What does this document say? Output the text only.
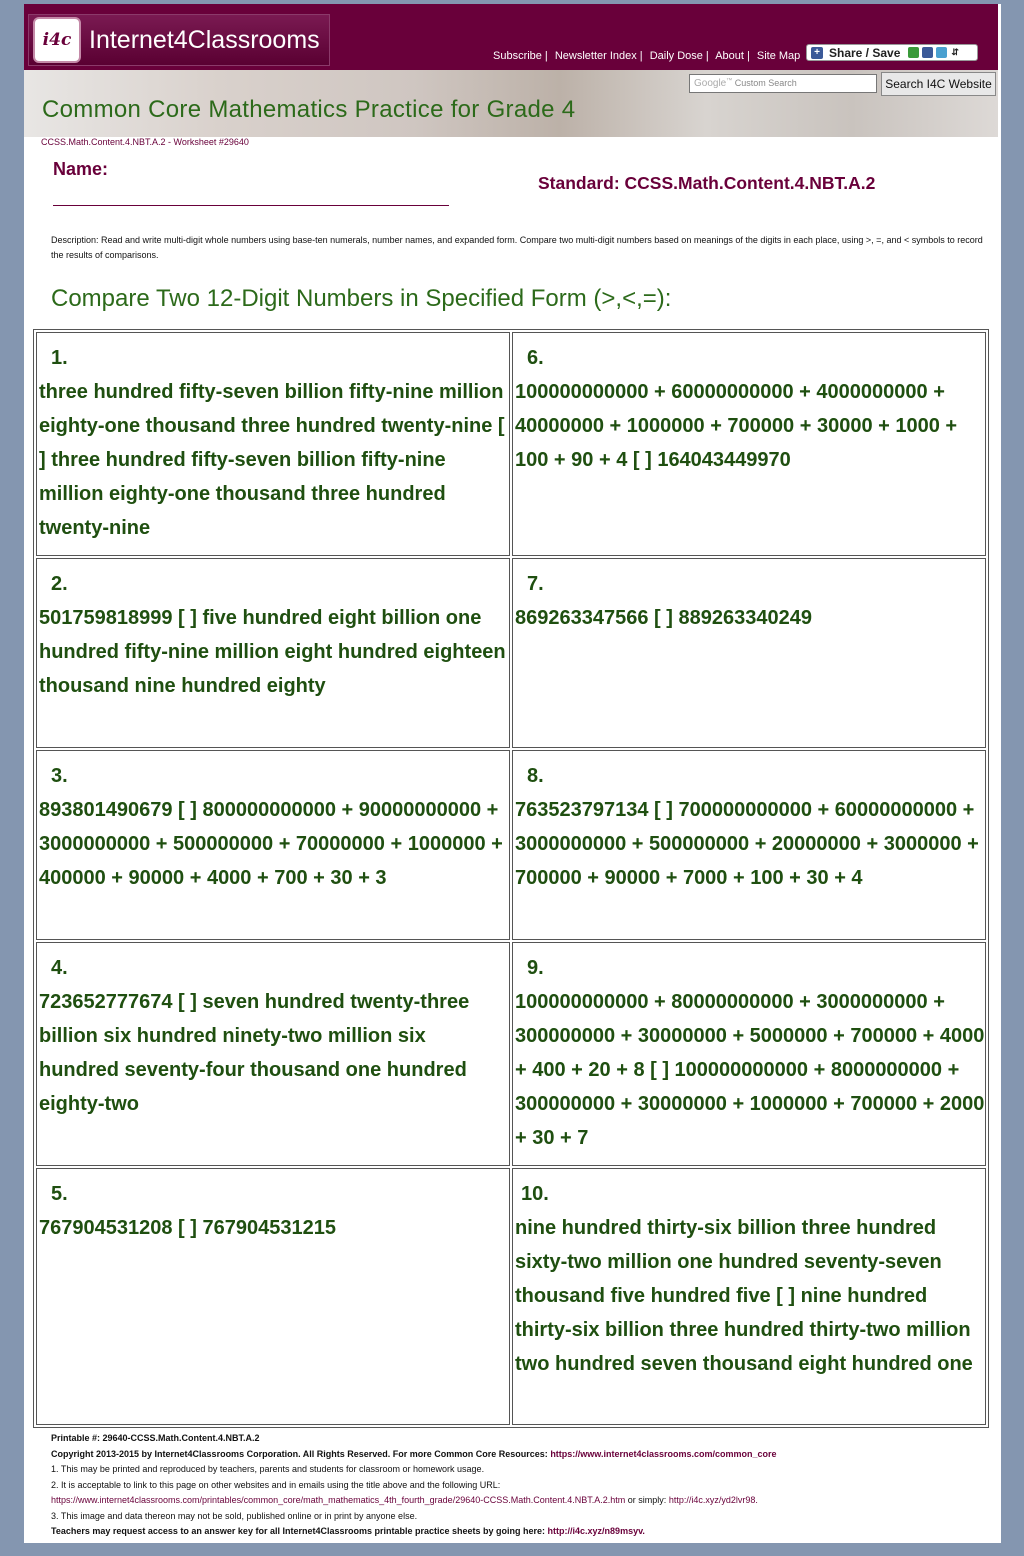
i4c Internet4Classrooms
Subscribe | Newsletter Index | Daily Dose | About | Site Map	+ Share / Save	⇵
Google™ Custom Search	Search I4C Website
Common Core Mathematics Practice for Grade 4
CCSS.Math.Content.4.NBT.A.2 - Worksheet #29640
Name:
Standard: CCSS.Math.Content.4.NBT.A.2
Description: Read and write multi-digit whole numbers using base-ten numerals, number names, and expanded form. Compare two multi-digit numbers based on meanings of the digits in each place, using >, =, and < symbols to record the results of comparisons.
Compare Two 12-Digit Numbers in Specified Form (>,<,=):
1.
three hundred fifty-seven billion fifty-nine million eighty-one thousand three hundred twenty-nine [ ] three hundred fifty-seven billion fifty-nine million eighty-one thousand three hundred twenty-nine
6.
100000000000 + 60000000000 + 4000000000 + 40000000 + 1000000 + 700000 + 30000 + 1000 + 100 + 90 + 4 [ ] 164043449970
2.
501759818999 [ ] five hundred eight billion one hundred fifty-nine million eight hundred eighteen thousand nine hundred eighty
7.
869263347566 [ ] 889263340249
3.
893801490679 [ ] 800000000000 + 90000000000 + 3000000000 + 500000000 + 70000000 + 1000000 + 400000 + 90000 + 4000 + 700 + 30 + 3
8.
763523797134 [ ] 700000000000 + 60000000000 + 3000000000 + 500000000 + 20000000 + 3000000 + 700000 + 90000 + 7000 + 100 + 30 + 4
4.
723652777674 [ ] seven hundred twenty-three billion six hundred ninety-two million six hundred seventy-four thousand one hundred eighty-two
9.
100000000000 + 80000000000 + 3000000000 + 300000000 + 30000000 + 5000000 + 700000 + 4000 + 400 + 20 + 8 [ ] 100000000000 + 8000000000 + 300000000 + 30000000 + 1000000 + 700000 + 2000 + 30 + 7
5.
767904531208 [ ] 767904531215
10.
nine hundred thirty-six billion three hundred sixty-two million one hundred seventy-seven thousand five hundred five [ ] nine hundred thirty-six billion three hundred thirty-two million two hundred seven thousand eight hundred one
Printable #: 29640-CCSS.Math.Content.4.NBT.A.2
Copyright 2013-2015 by Internet4Classrooms Corporation. All Rights Reserved. For more Common Core Resources: https://www.internet4classrooms.com/common_core
1. This may be printed and reproduced by teachers, parents and students for classroom or homework usage.
2. It is acceptable to link to this page on other websites and in emails using the title above and the following URL:
https://www.internet4classrooms.com/printables/common_core/math_mathematics_4th_fourth_grade/29640-CCSS.Math.Content.4.NBT.A.2.htm or simply: http://i4c.xyz/yd2lvr98.
3. This image and data thereon may not be sold, published online or in print by anyone else.
Teachers may request access to an answer key for all Internet4Classrooms printable practice sheets by going here: http://i4c.xyz/n89msyv.
